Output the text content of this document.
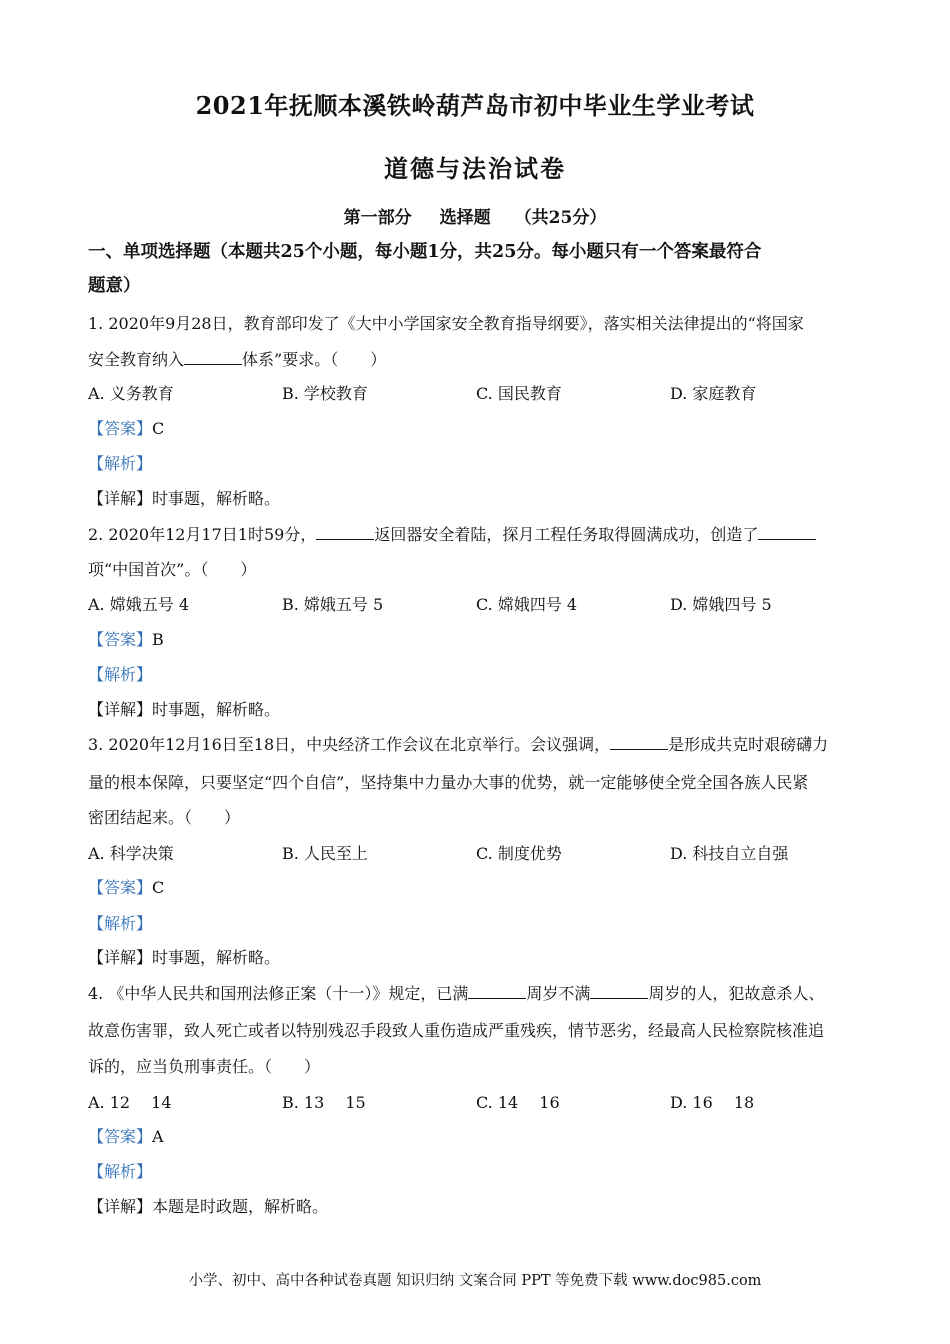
2021年抚顺本溪铁岭葫芦岛市初中毕业生学业考试
道德与法治试卷
第一部分 选择题 （共25分）
一、单项选择题（本题共25个小题，每小题1分，共25分。每小题只有一个答案最符合
题意）
1. 2020年9月28日，教育部印发了《大中小学国家安全教育指导纲要》，落实相关法律提出的“将国家
安全教育纳入	体系”要求。（　　）
A. 义务教育	B. 学校教育	C. 国民教育	D. 家庭教育
【答案】C
【解析】
【详解】时事题，解析略。
2. 2020年12月17日1时59分，	返回器安全着陆，探月工程任务取得圆满成功，创造了
项“中国首次”。（　　）
A. 嫦娥五号 4	B. 嫦娥五号 5	C. 嫦娥四号 4	D. 嫦娥四号 5
【答案】B
【解析】
【详解】时事题，解析略。
3. 2020年12月16日至18日，中央经济工作会议在北京举行。会议强调，	是形成共克时艰磅礴力
量的根本保障，只要坚定“四个自信”，坚持集中力量办大事的优势，就一定能够使全党全国各族人民紧
密团结起来。（　　）
A. 科学决策	B. 人民至上	C. 制度优势	D. 科技自立自强
【答案】C
【解析】
【详解】时事题，解析略。
4. 《中华人民共和国刑法修正案（十一）》规定，已满	周岁不满	周岁的人，犯故意杀人、
故意伤害罪，致人死亡或者以特别残忍手段致人重伤造成严重残疾，情节恶劣，经最高人民检察院核准追
诉的，应当负刑事责任。（　　）
A. 12　 14	B. 13　 15	C. 14　 16	D. 16　 18
【答案】A
【解析】
【详解】本题是时政题，解析略。
小学、初中、高中各种试卷真题 知识归纳 文案合同 PPT 等免费下载 www.doc985.com
